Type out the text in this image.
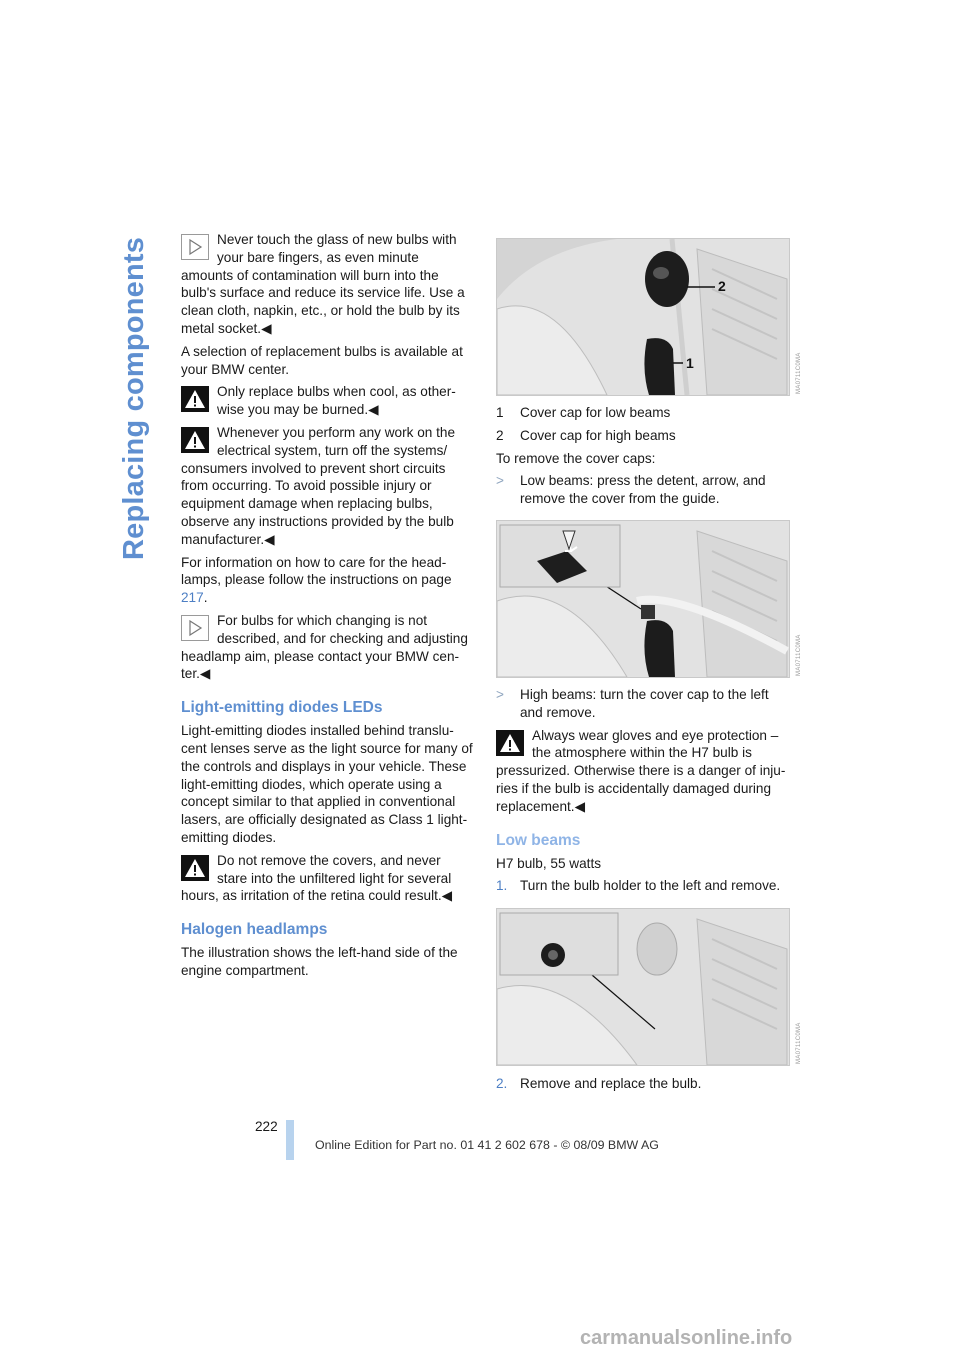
Replacing components	Never touch the glass of new bulbs with your bare fingers, as even minute amounts of contamination will burn into the bulb's surface and reduce its service life. Use a clean cloth, napkin, etc., or hold the bulb by its metal socket.◀

A selection of replacement bulbs is available at your BMW center.

Only replace bulbs when cool, as other-wise you may be burned.◀
Whenever you perform any work on the electrical system, turn off the systems/ consumers involved to prevent short circuits from occurring. To avoid possible injury or equipment damage when replacing bulbs, observe any instructions provided by the bulb manufacturer.◀

For information on how to care for the head-lamps, please follow the instructions on page 217.

For bulbs for which changing is not described, and for checking and adjusting headlamp aim, please contact your BMW cen-ter.◀
Light-emitting diodes LEDs

Light-emitting diodes installed behind translu-cent lenses serve as the light source for many of the controls and displays in your vehicle. These light-emitting diodes, which operate using a concept similar to that applied in conventional lasers, are officially designated as Class 1 light-emitting diodes.

Do not remove the covers, and never stare into the unfiltered light for several hours, as irritation of the retina could result.◀
Halogen headlamps

The illustration shows the left-hand side of the engine compartment.

2
1	MA0711C0MA
MA0711C0MA
MA0711C0MA
1	Cover cap for low beams
2	Cover cap for high beams

To remove the cover caps:

>	Low beams: press the detent, arrow, and remove the cover from the guide.
>	High beams: turn the cover cap to the left and remove.
Always wear gloves and eye protection – the atmosphere within the H7 bulb is pressurized. Otherwise there is a danger of inju-ries if the bulb is accidentally damaged during replacement.◀
Low beams

H7 bulb, 55 watts

1. Turn the bulb holder to the left and remove.
2. Remove and replace the bulb.
222
Online Edition for Part no. 01 41 2 602 678 - © 08/09 BMW AG
carmanualsonline.info
